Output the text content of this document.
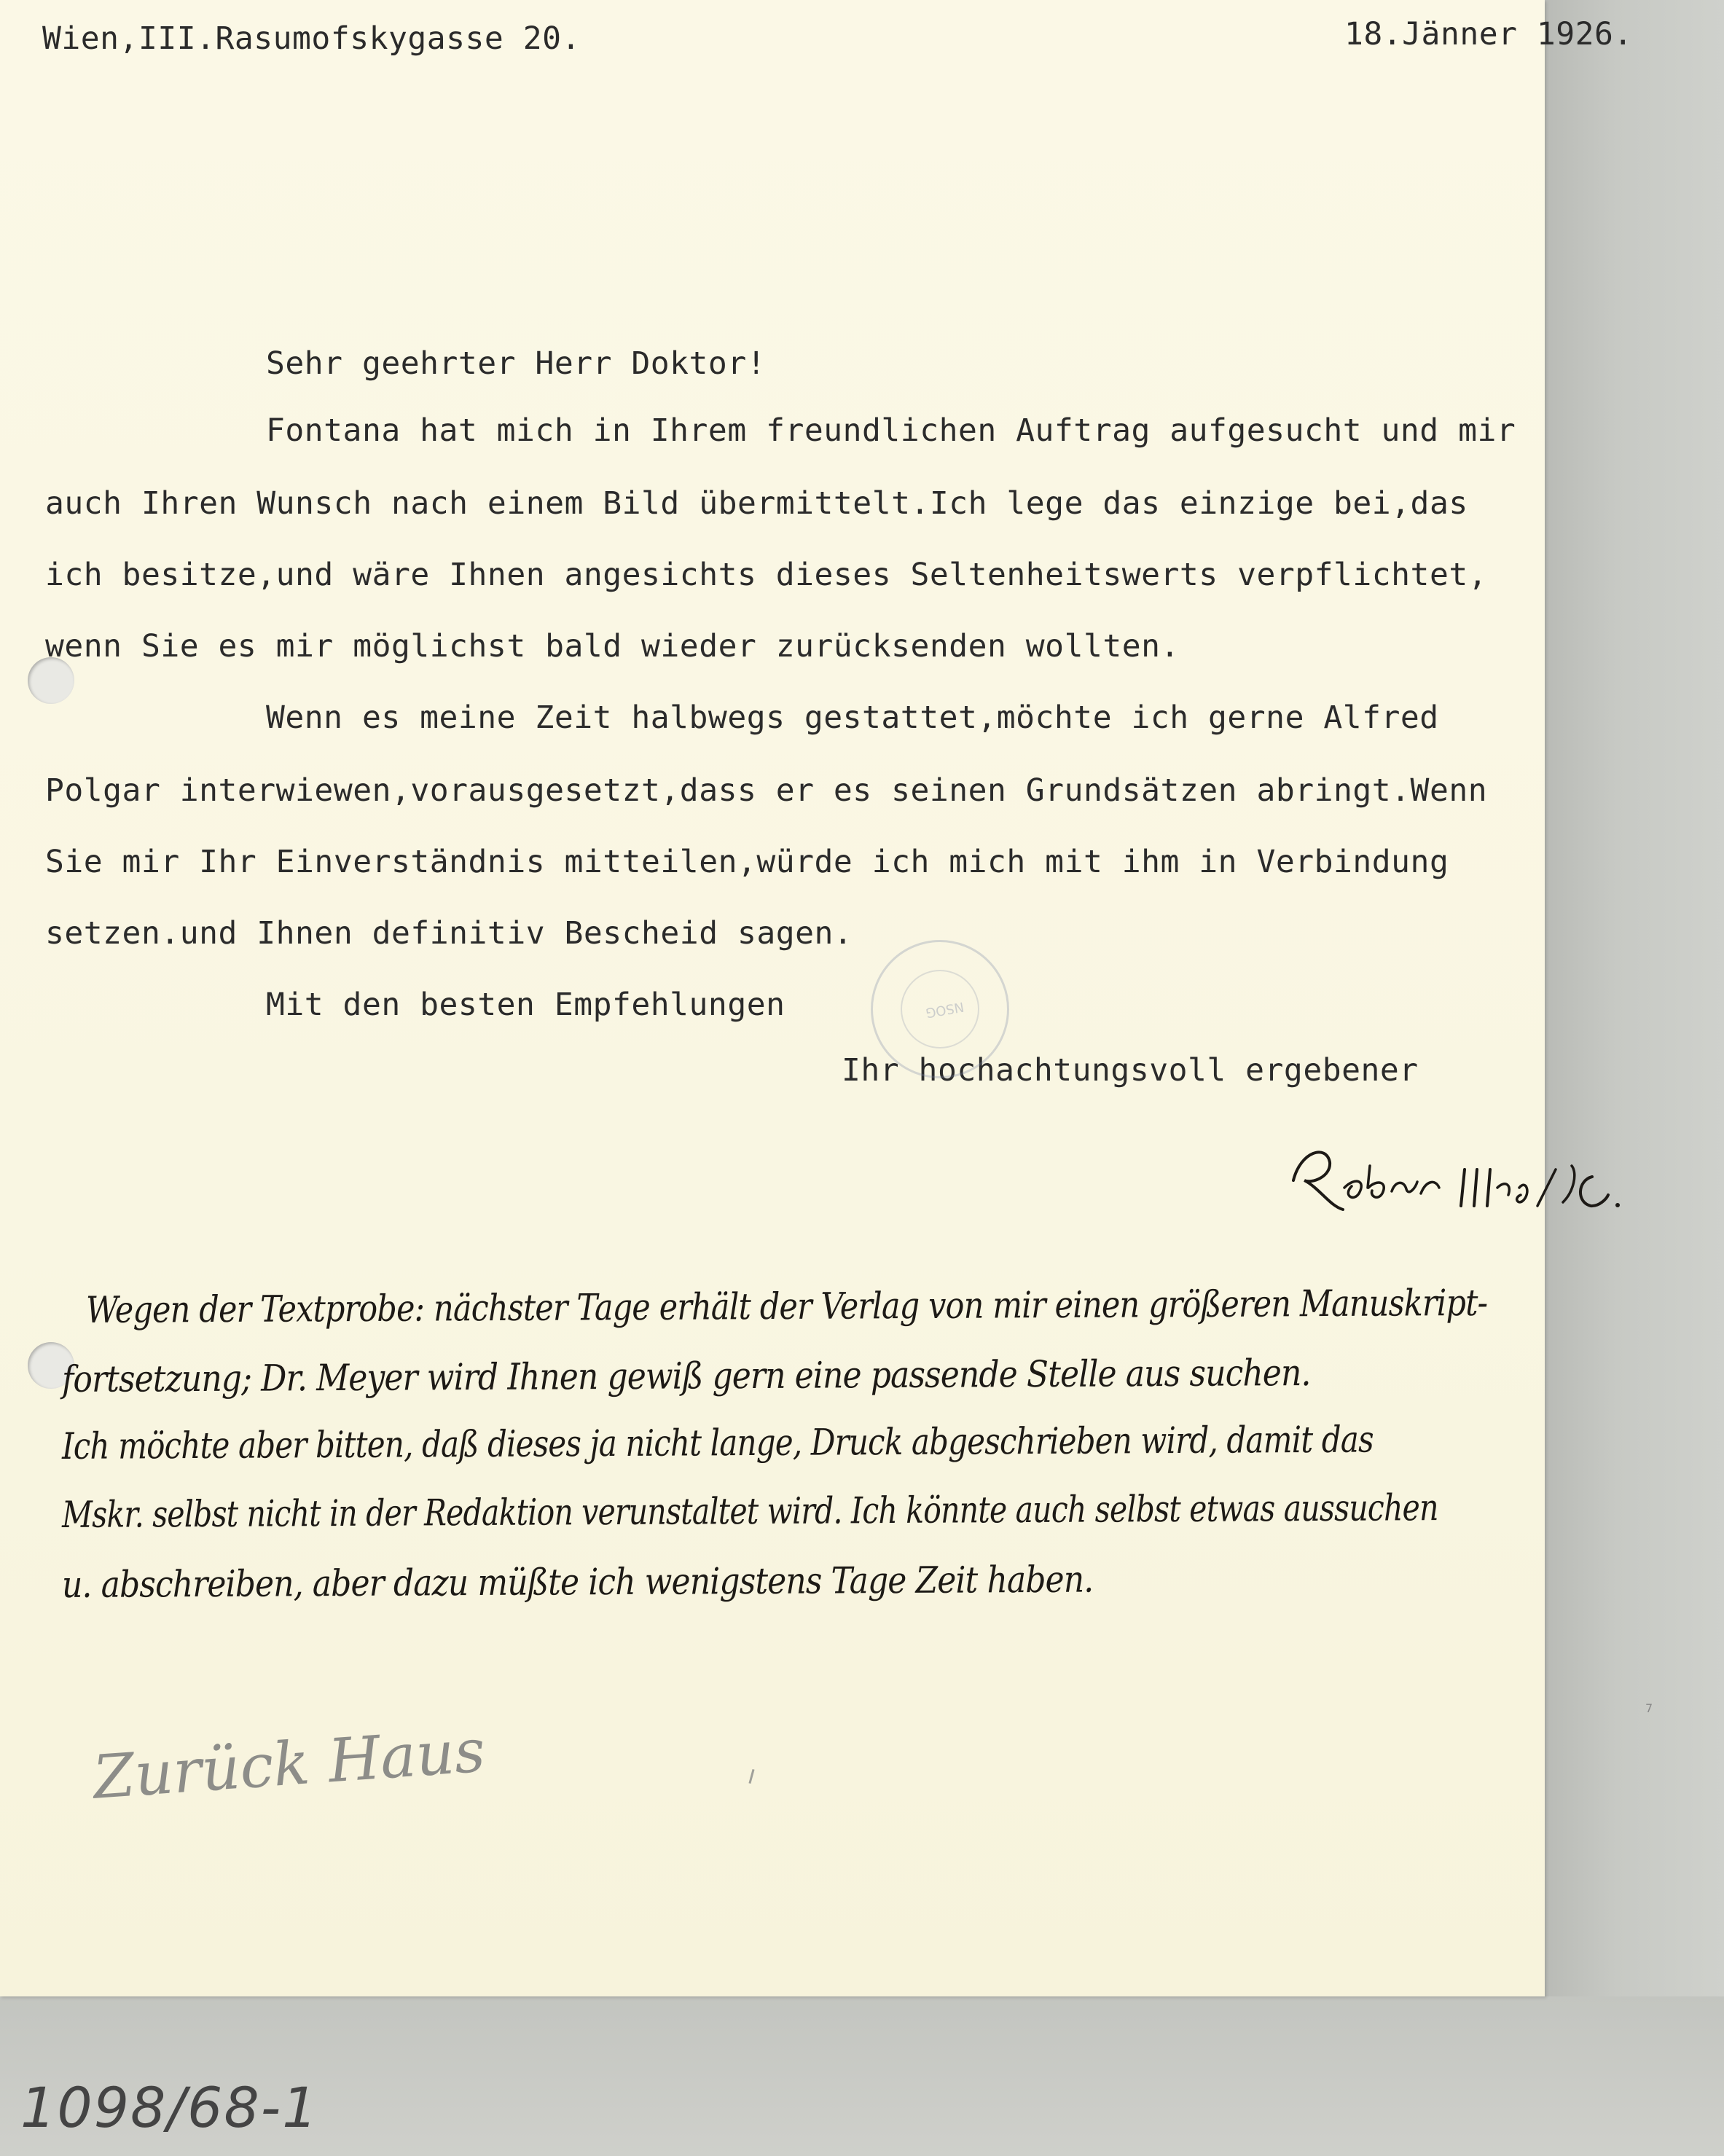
Wien,III.Rasumofskygasse 20.	18.Jänner 1926.

Sehr geehrter Herr Doktor!

Fontana hat mich in Ihrem freundlichen Auftrag aufgesucht und mir

auch Ihren Wunsch nach einem Bild übermittelt.Ich lege das einzige bei,das

ich besitze,und wäre Ihnen angesichts dieses Seltenheitswerts verpflichtet,

wenn Sie es mir möglichst bald wieder zurücksenden wollten.

Wenn es meine Zeit halbwegs gestattet,möchte ich gerne Alfred

Polgar interwiewen,vorausgesetzt,dass er es seinen Grundsätzen abringt.Wenn

Sie mir Ihr Einverständnis mitteilen,würde ich mich mit ihm in Verbindung

setzen.und Ihnen definitiv Bescheid sagen.

Mit den besten Empfehlungen

Ihr hochachtungsvoll ergebener

NSOG

Wegen der Textprobe: nächster Tage erhält der Verlag von mir einen größeren Manuskript-

fortsetzung; Dr. Meyer wird Ihnen gewiß gern eine passende Stelle aus suchen.

Ich möchte aber bitten, daß dieses ja nicht lange, Druck abgeschrieben wird, damit das

Mskr. selbst nicht in der Redaktion verunstaltet wird. Ich könnte auch selbst etwas aussuchen

u. abschreiben, aber dazu müßte ich wenigstens Tage Zeit haben.

Zurück Haus

7

1098/68-1
